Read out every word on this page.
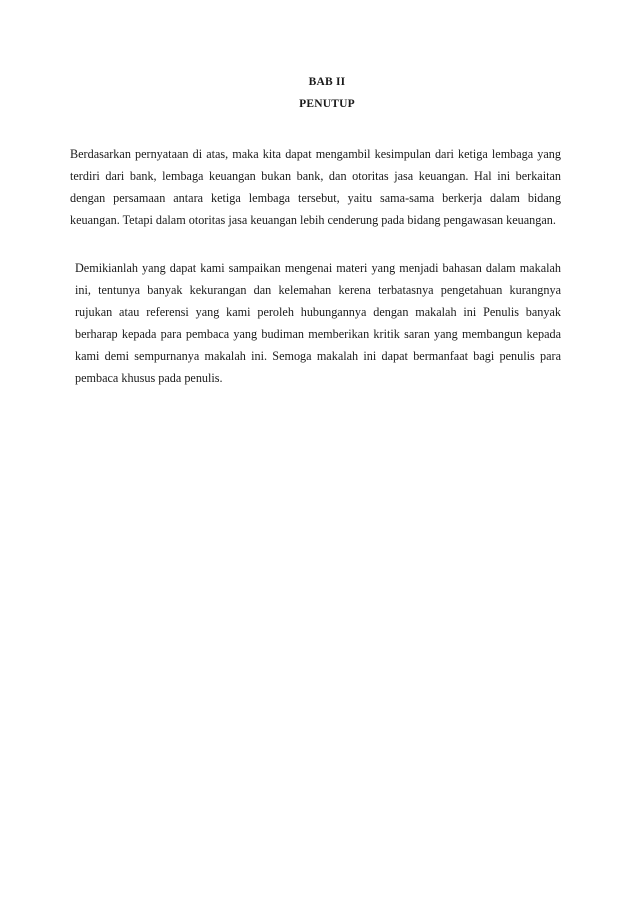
BAB II
PENUTUP

Berdasarkan pernyataan di atas, maka kita dapat mengambil kesimpulan dari ketiga lembaga yang terdiri dari bank, lembaga keuangan bukan bank, dan otoritas jasa keuangan. Hal ini berkaitan dengan persamaan antara ketiga lembaga tersebut, yaitu sama-sama berkerja dalam bidang keuangan. Tetapi dalam otoritas jasa keuangan lebih cenderung pada bidang pengawasan keuangan.

Demikianlah yang dapat kami sampaikan mengenai materi yang menjadi bahasan dalam makalah ini, tentunya banyak kekurangan dan kelemahan kerena terbatasnya pengetahuan kurangnya rujukan atau referensi yang kami peroleh hubungannya dengan makalah ini Penulis banyak berharap kepada para pembaca yang budiman memberikan kritik saran yang membangun kepada kami demi sempurnanya makalah ini. Semoga makalah ini dapat bermanfaat bagi penulis para pembaca khusus pada penulis.
